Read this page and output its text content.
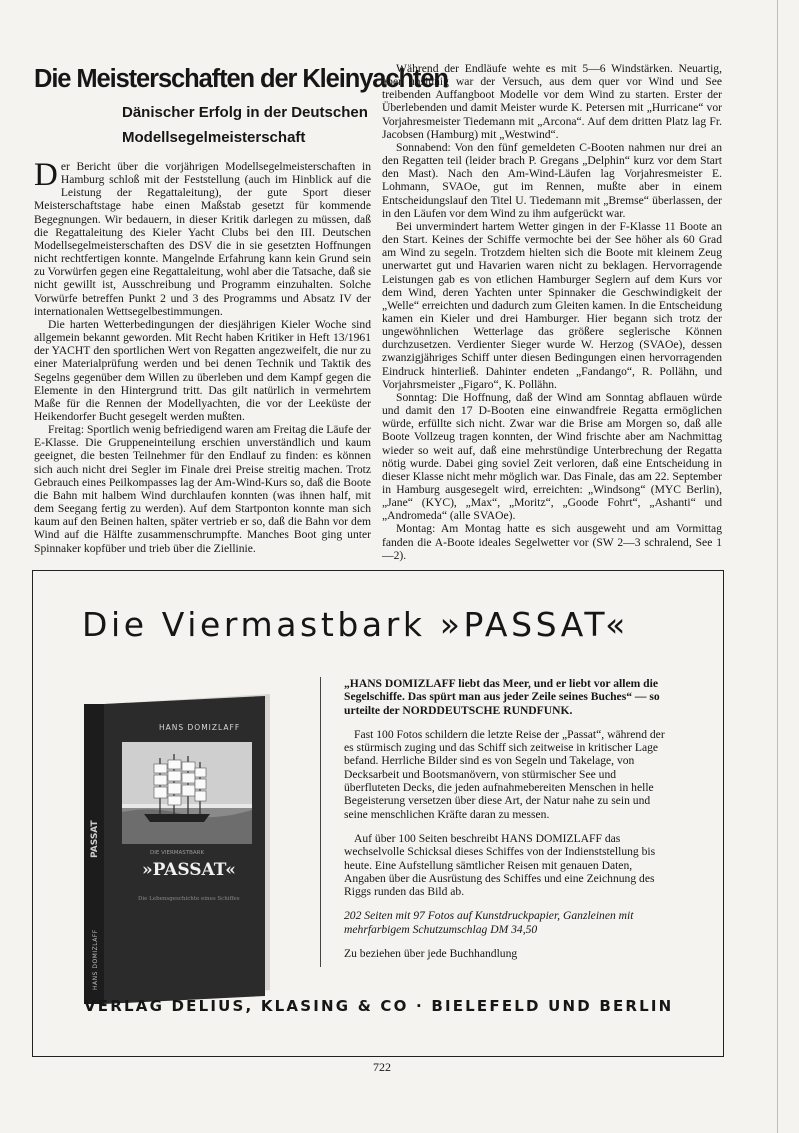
Die Meisterschaften der Kleinyachten
Dänischer Erfolg in der Deutschen Modellsegelmeisterschaft

Der Bericht über die vorjährigen Modellsegelmeisterschaften in Hamburg schloß mit der Feststellung (auch im Hinblick auf die Leistung der Regattaleitung), der gute Sport dieser Meisterschaftstage habe einen Maßstab gesetzt für kommende Begegnungen. Wir bedauern, in dieser Kritik darlegen zu müssen, daß die Regattaleitung des Kieler Yacht Clubs bei den III. Deutschen Modellsegelmeisterschaften des DSV die in sie gesetzten Hoffnungen nicht rechtfertigen konnte. Mangelnde Erfahrung kann kein Grund sein zu Vorwürfen gegen eine Regattaleitung, wohl aber die Tatsache, daß sie nicht gewillt ist, Ausschreibung und Programm einzuhalten. Solche Vorwürfe betreffen Punkt 2 und 3 des Programms und Absatz IV der internationalen Wettsegelbestimmungen.

Die harten Wetterbedingungen der diesjährigen Kieler Woche sind allgemein bekannt geworden. Mit Recht haben Kritiker in Heft 13/1961 der YACHT den sportlichen Wert von Regatten angezweifelt, die nur zu einer Materialprüfung werden und bei denen Technik und Taktik des Segelns gegenüber dem Willen zu überleben und dem Kampf gegen die Elemente in den Hintergrund tritt. Das gilt natürlich in vermehrtem Maße für die Rennen der Modellyachten, die vor der Leeküste der Heikendorfer Bucht gesegelt werden mußten.

Freitag: Sportlich wenig befriedigend waren am Freitag die Läufe der E-Klasse. Die Gruppeneinteilung erschien unverständlich und kaum geeignet, die besten Teilnehmer für den Endlauf zu finden: es können sich auch nicht drei Segler im Finale drei Preise streitig machen. Trotz Gebrauch eines Peilkompasses lag der Am-Wind-Kurs so, daß die Boote die Bahn mit halbem Wind durchlaufen konnten (was ihnen half, mit dem Seegang fertig zu werden). Auf dem Startponton konnte man sich kaum auf den Beinen halten, später vertrieb er so, daß die Bahn vor dem Wind auf die Hälfte zusammenschrumpfte. Manches Boot ging unter Spinnaker kopfüber und trieb über die Ziellinie.

Während der Endläufe wehte es mit 5—6 Windstärken. Neuartig, aber unsinnig war der Versuch, aus dem quer vor Wind und See treibenden Auffangboot Modelle vor dem Wind zu starten. Erster der Überlebenden und damit Meister wurde K. Petersen mit „Hurricane“ vor Vorjahresmeister Tiedemann mit „Arcona“. Auf dem dritten Platz lag Fr. Jacobsen (Hamburg) mit „Westwind“.

Sonnabend: Von den fünf gemeldeten C-Booten nahmen nur drei an den Regatten teil (leider brach P. Gregans „Delphin“ kurz vor dem Start den Mast). Nach den Am-Wind-Läufen lag Vorjahresmeister E. Lohmann, SVAOe, gut im Rennen, mußte aber in einem Entscheidungslauf den Titel U. Tiedemann mit „Bremse“ überlassen, der in den Läufen vor dem Wind zu ihm aufgerückt war.

Bei unvermindert hartem Wetter gingen in der F-Klasse 11 Boote an den Start. Keines der Schiffe vermochte bei der See höher als 60 Grad am Wind zu segeln. Trotzdem hielten sich die Boote mit kleinem Zeug unerwartet gut und Havarien waren nicht zu beklagen. Hervorragende Leistungen gab es von etlichen Hamburger Seglern auf dem Kurs vor dem Wind, deren Yachten unter Spinnaker die Geschwindigkeit der „Welle“ erreichten und dadurch zum Gleiten kamen. In die Entscheidung kamen ein Kieler und drei Hamburger. Hier begann sich trotz der ungewöhnlichen Wetterlage das größere seglerische Können durchzusetzen. Verdienter Sieger wurde W. Herzog (SVAOe), dessen zwanzigjähriges Schiff unter diesen Bedingungen einen hervorragenden Eindruck hinterließ. Dahinter endeten „Fandango“, R. Pollähn, und Vorjahrsmeister „Figaro“, K. Pollähn.

Sonntag: Die Hoffnung, daß der Wind am Sonntag abflauen würde und damit den 17 D-Booten eine einwandfreie Regatta ermöglichen würde, erfüllte sich nicht. Zwar war die Brise am Morgen so, daß alle Boote Vollzeug tragen konnten, der Wind frischte aber am Nachmittag wieder so weit auf, daß eine mehrstündige Unterbrechung der Regatta nötig wurde. Dabei ging soviel Zeit verloren, daß eine Entscheidung in dieser Klasse nicht mehr möglich war. Das Finale, das am 22. September in Hamburg ausgesegelt wird, erreichten: „Windsong“ (MYC Berlin), „Jane“ (KYC), „Max“, „Moritz“, „Goode Fohrt“, „Ashanti“ und „Andromeda“ (alle SVAOe).

Montag: Am Montag hatte es sich ausgeweht und am Vormittag fanden die A-Boote ideales Segelwetter vor (SW 2—3 schralend, See 1—2).

Die Viermastbark »PASSAT«
HANS DOMIZLAFF
DIE VIERMASTBARK
»PASSAT«
Die Lebensgeschichte eines Schiffes
PASSAT
HANS DOMIZLAFF

„HANS DOMIZLAFF liebt das Meer, und er liebt vor allem die Segelschiffe. Das spürt man aus jeder Zeile seines Buches“ — so urteilte der NORDDEUTSCHE RUNDFUNK.

Fast 100 Fotos schildern die letzte Reise der „Passat“, während der es stürmisch zuging und das Schiff sich zeitweise in kritischer Lage befand. Herrliche Bilder sind es von Segeln und Takelage, von Decksarbeit und Bootsmanövern, von stürmischer See und überfluteten Decks, die jeden aufnahmebereiten Menschen in helle Begeisterung versetzen über diese Art, der Natur nahe zu sein und seine menschlichen Kräfte daran zu messen.

Auf über 100 Seiten beschreibt HANS DOMIZLAFF das wechselvolle Schicksal dieses Schiffes von der Indienststellung bis heute. Eine Aufstellung sämtlicher Reisen mit genauen Daten, Angaben über die Ausrüstung des Schiffes und eine Zeichnung des Riggs runden das Bild ab.

202 Seiten mit 97 Fotos auf Kunstdruckpapier, Ganzleinen mit mehrfarbigem Schutzumschlag DM 34,50

Zu beziehen über jede Buchhandlung

VERLAG DELIUS, KLASING & CO · BIELEFELD UND BERLIN
722
